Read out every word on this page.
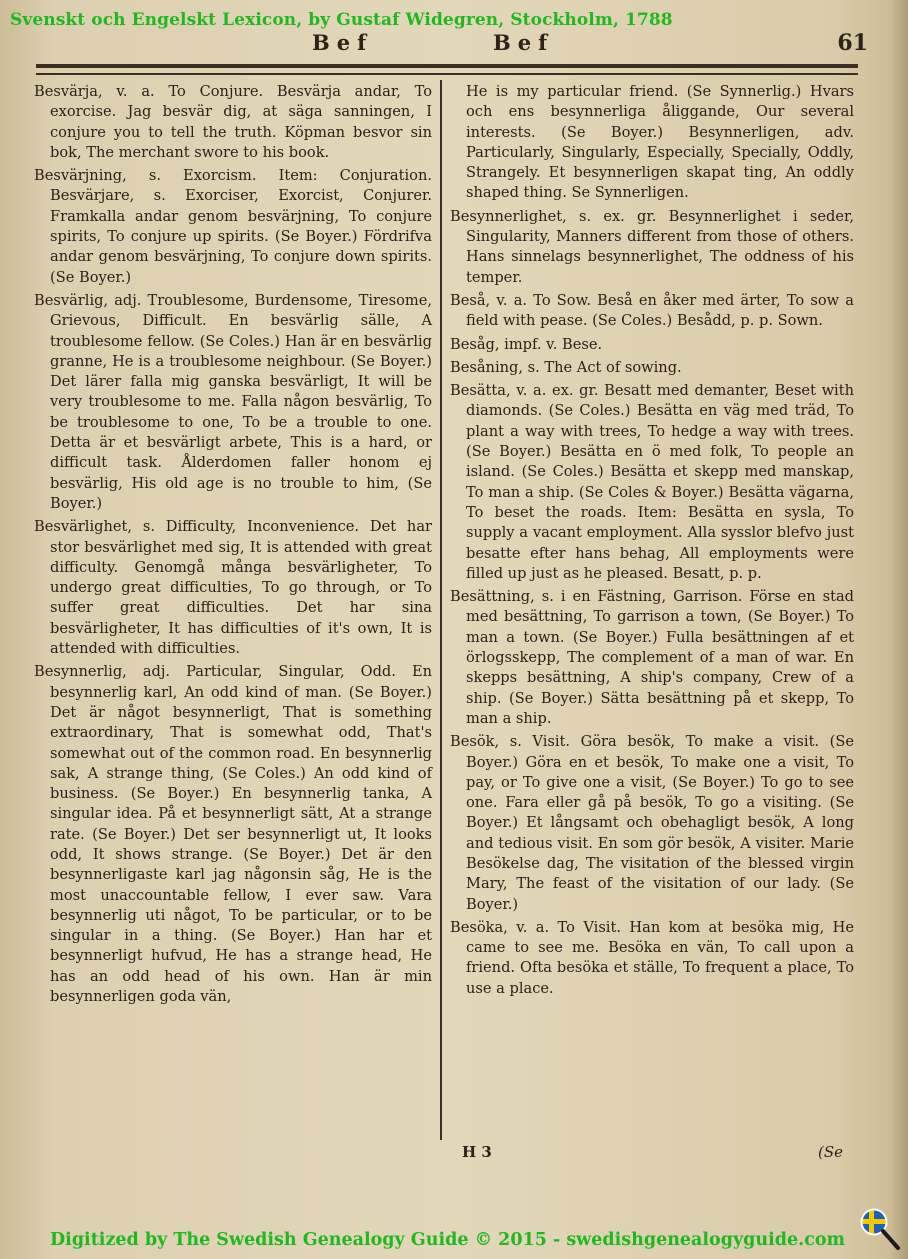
Svenskt och Engelskt Lexicon, by Gustaf Widegren, Stockholm, 1788
Bef	Bef	61

Besvärja, v. a. To Conjure. Besvärja andar, To exorcise. Jag besvär dig, at säga sanningen, I conjure you to tell the truth. Köpman besvor sin bok, The merchant swore to his book.

Besvärjning, s. Exorcism. Item: Conjuration. Besvärjare, s. Exorciser, Exorcist, Conjurer. Framkalla andar genom besvärjning, To conjure spirits, To conjure up spirits. (Se Boyer.) Fördrifva andar genom besvärjning, To conjure down spirits. (Se Boyer.)

Besvärlig, adj. Troublesome, Burdensome, Tiresome, Grievous, Difficult. En besvärlig sälle, A troublesome fellow. (Se Coles.) Han är en besvärlig granne, He is a troublesome neighbour. (Se Boyer.) Det lärer falla mig ganska besvärligt, It will be very troublesome to me. Falla någon besvärlig, To be troublesome to one, To be a trouble to one. Detta är et besvärligt arbete, This is a hard, or difficult task. Ålderdomen faller honom ej besvärlig, His old age is no trouble to him, (Se Boyer.)

Besvärlighet, s. Difficulty, Inconvenience. Det har stor besvärlighet med sig, It is attended with great difficulty. Genomgå många besvärligheter, To undergo great difficulties, To go through, or To suffer great difficulties. Det har sina besvärligheter, It has difficulties of it's own, It is attended with difficulties.

Besynnerlig, adj. Particular, Singular, Odd. En besynnerlig karl, An odd kind of man. (Se Boyer.) Det är något besynnerligt, That is something extraordinary, That is somewhat odd, That's somewhat out of the common road. En besynnerlig sak, A strange thing, (Se Coles.) An odd kind of business. (Se Boyer.) En besynnerlig tanka, A singular idea. På et besynnerligt sätt, At a strange rate. (Se Boyer.) Det ser besynnerligt ut, It looks odd, It shows strange. (Se Boyer.) Det är den besynnerligaste karl jag någonsin såg, He is the most unaccountable fellow, I ever saw. Vara besynnerlig uti något, To be particular, or to be singular in a thing. (Se Boyer.) Han har et besynnerligt hufvud, He has a strange head, He has an odd head of his own. Han är min besynnerligen goda vän,

He is my particular friend. (Se Synnerlig.) Hvars och ens besynnerliga åliggande, Our several interests. (Se Boyer.) Besynnerligen, adv. Particularly, Singularly, Especially, Specially, Oddly, Strangely. Et besynnerligen skapat ting, An oddly shaped thing. Se Synnerligen.

Besynnerlighet, s. ex. gr. Besynnerlighet i seder, Singularity, Manners different from those of others. Hans sinnelags besynnerlighet, The oddness of his temper.

Beså, v. a. To Sow. Beså en åker med ärter, To sow a field with pease. (Se Coles.) Besådd, p. p. Sown.

Besåg, impf. v. Bese.

Besåning, s. The Act of sowing.

Besätta, v. a. ex. gr. Besatt med demanter, Beset with diamonds. (Se Coles.) Besätta en väg med träd, To plant a way with trees, To hedge a way with trees. (Se Boyer.) Besätta en ö med folk, To people an island. (Se Coles.) Besätta et skepp med manskap, To man a ship. (Se Coles & Boyer.) Besätta vägarna, To beset the roads. Item: Besätta en sysla, To supply a vacant employment. Alla sysslor blefvo just besatte efter hans behag, All employments were filled up just as he pleased. Besatt, p. p.

Besättning, s. i en Fästning, Garrison. Förse en stad med besättning, To garrison a town, (Se Boyer.) To man a town. (Se Boyer.) Fulla besättningen af et örlogsskepp, The complement of a man of war. En skepps besättning, A ship's company, Crew of a ship. (Se Boyer.) Sätta besättning på et skepp, To man a ship.

Besök, s. Visit. Göra besök, To make a visit. (Se Boyer.) Göra en et besök, To make one a visit, To pay, or To give one a visit, (Se Boyer.) To go to see one. Fara eller gå på besök, To go a visiting. (Se Boyer.) Et långsamt och obehagligt besök, A long and tedious visit. En som gör besök, A visiter. Marie Besökelse dag, The visitation of the blessed virgin Mary, The feast of the visitation of our lady. (Se Boyer.)

Besöka, v. a. To Visit. Han kom at besöka mig, He came to see me. Besöka en vän, To call upon a friend. Ofta besöka et ställe, To frequent a place, To use a place.

H 3	(Se
Digitized by The Swedish Genealogy Guide © 2015 - swedishgenealogyguide.com
